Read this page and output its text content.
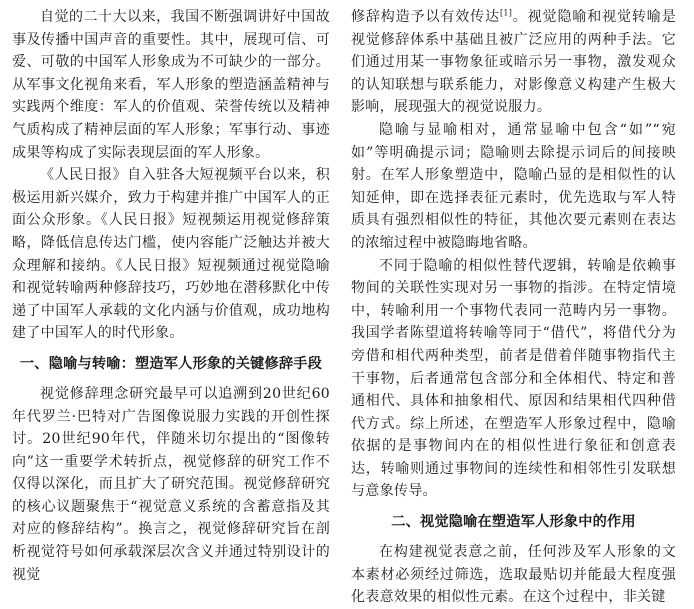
自觉的二十大以来，我国不断强调讲好中国故事及传播中国声音的重要性。其中，展现可信、可爱、可敬的中国军人形象成为不可缺少的一部分。从军事文化视角来看，军人形象的塑造涵盖精神与实践两个维度：军人的价值观、荣誉传统以及精神气质构成了精神层面的军人形象；军事行动、事迹成果等构成了实际表现层面的军人形象。

《人民日报》自入驻各大短视频平台以来，积极运用新兴媒介，致力于构建并推广中国军人的正面公众形象。《人民日报》短视频运用视觉修辞策略，降低信息传达门槛，使内容能广泛触达并被大众理解和接纳。《人民日报》短视频通过视觉隐喻和视觉转喻两种修辞技巧，巧妙地在潜移默化中传递了中国军人承载的文化内涵与价值观，成功地构建了中国军人的时代形象。

一、隐喻与转喻：塑造军人形象的关键修辞手段

视觉修辞理念研究最早可以追溯到20世纪60年代罗兰·巴特对广告图像说服力实践的开创性探讨。20世纪90年代，伴随米切尔提出的“图像转向”这一重要学术转折点，视觉修辞的研究工作不仅得以深化，而且扩大了研究范围。视觉修辞研究的核心议题聚焦于“视觉意义系统的含蓄意指及其对应的修辞结构”。换言之，视觉修辞研究旨在剖析视觉符号如何承载深层次含义并通过特别设计的视觉

修辞构造予以有效传达[1]。视觉隐喻和视觉转喻是视觉修辞体系中基础且被广泛应用的两种手法。它们通过用某一事物象征或暗示另一事物，激发观众的认知联想与联系能力，对影像意义构建产生极大影响，展现强大的视觉说服力。

隐喻与显喻相对，通常显喻中包含“如”“宛如”等明确提示词；隐喻则去除提示词后的间接映射。在军人形象塑造中，隐喻凸显的是相似性的认知延伸，即在选择表征元素时，优先选取与军人特质具有强烈相似性的特征，其他次要元素则在表达的浓缩过程中被隐晦地省略。

不同于隐喻的相似性替代逻辑，转喻是依赖事物间的关联性实现对另一事物的指涉。在特定情境中，转喻利用一个事物代表同一范畴内另一事物。我国学者陈望道将转喻等同于“借代”，将借代分为旁借和相代两种类型，前者是借着伴随事物指代主干事物，后者通常包含部分和全体相代、特定和普通相代、具体和抽象相代、原因和结果相代四种借代方式。综上所述，在塑造军人形象过程中，隐喻依据的是事物间内在的相似性进行象征和创意表达，转喻则通过事物间的连续性和相邻性引发联想与意象传导。

二、视觉隐喻在塑造军人形象中的作用

在构建视觉表意之前，任何涉及军人形象的文本素材必须经过筛选，选取最贴切并能最大程度强化表意效果的相似性元素。在这个过程中，非关键
